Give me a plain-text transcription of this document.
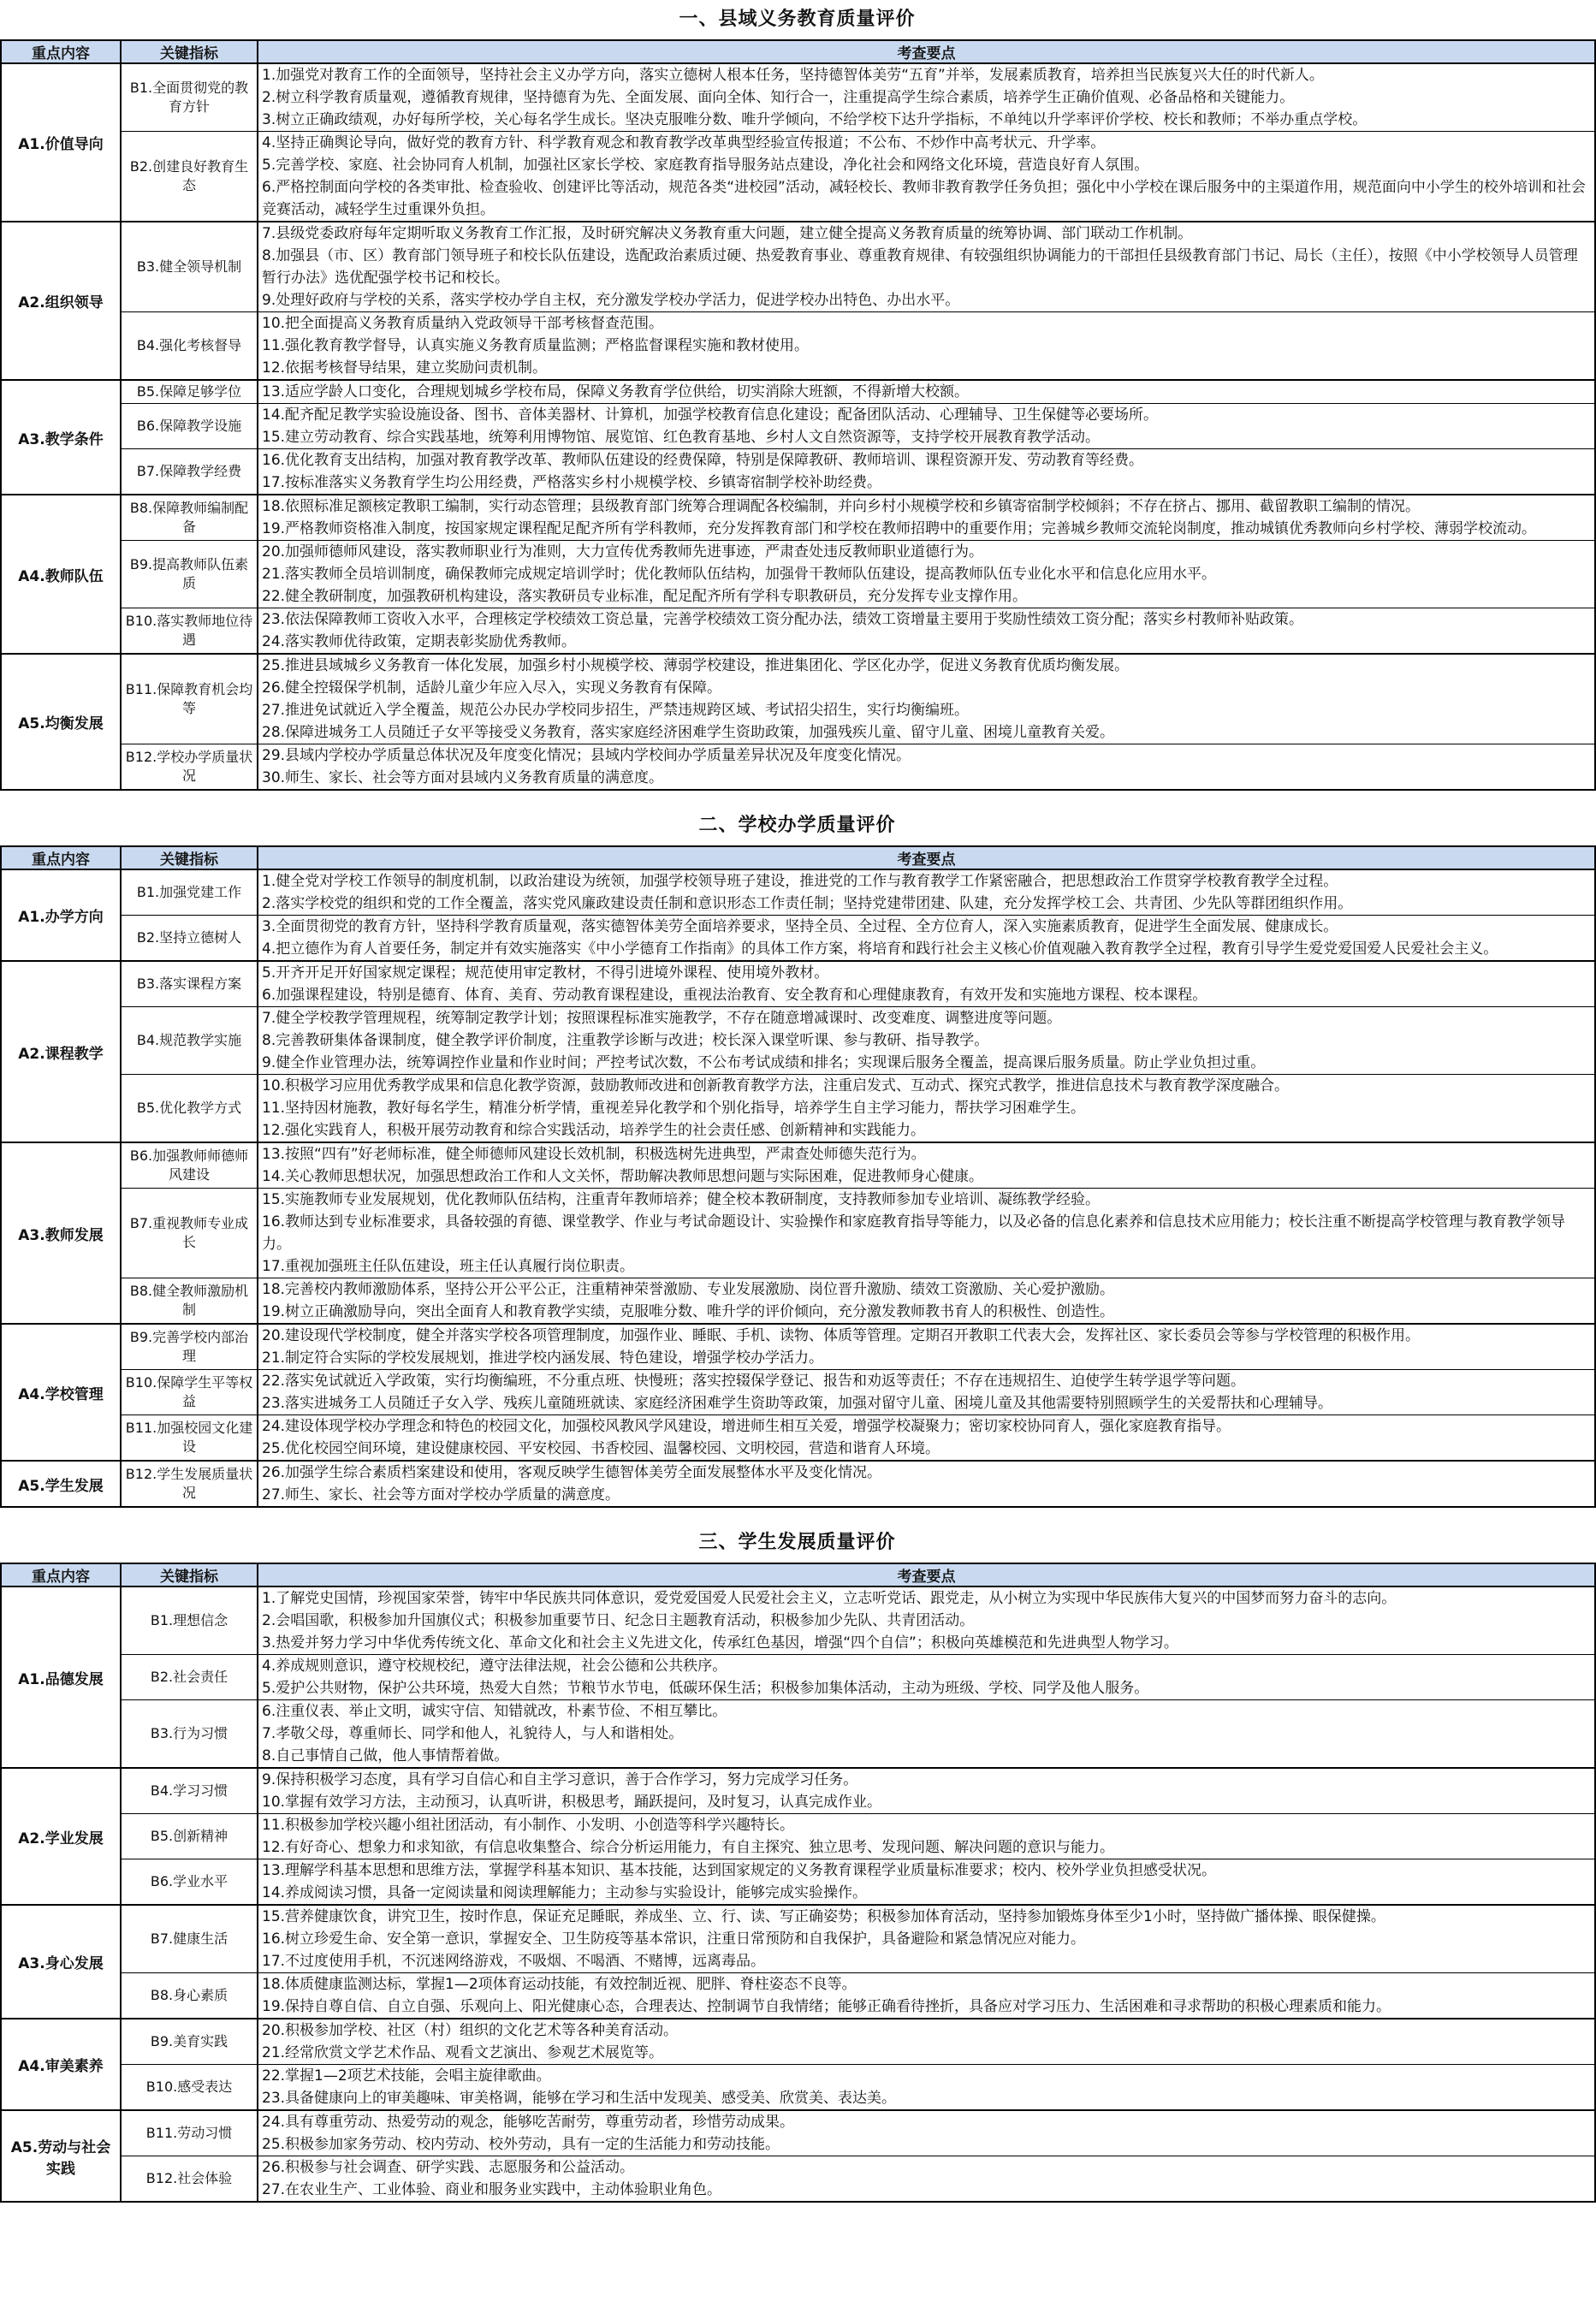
一、县域义务教育质量评价
重点内容	关键指标	考查要点
A1.价值导向	B1.全面贯彻党的教育方针	1.加强党对教育工作的全面领导，坚持社会主义办学方向，落实立德树人根本任务，坚持德智体美劳“五育”并举，发展素质教育，培养担当民族复兴大任的时代新人。
2.树立科学教育质量观，遵循教育规律，坚持德育为先、全面发展、面向全体、知行合一，注重提高学生综合素质，培养学生正确价值观、必备品格和关键能力。
3.树立正确政绩观，办好每所学校，关心每名学生成长。坚决克服唯分数、唯升学倾向，不给学校下达升学指标，不单纯以升学率评价学校、校长和教师；不举办重点学校。

	B2.创建良好教育生态	4.坚持正确舆论导向，做好党的教育方针、科学教育观念和教育教学改革典型经验宣传报道；不公布、不炒作中高考状元、升学率。
5.完善学校、家庭、社会协同育人机制，加强社区家长学校、家庭教育指导服务站点建设，净化社会和网络文化环境，营造良好育人氛围。
6.严格控制面向学校的各类审批、检查验收、创建评比等活动，规范各类“进校园”活动，减轻校长、教师非教育教学任务负担；强化中小学校在课后服务中的主渠道作用，规范面向中小学生的校外培训和社会竞赛活动，减轻学生过重课外负担。

A2.组织领导	B3.健全领导机制	7.县级党委政府每年定期听取义务教育工作汇报，及时研究解决义务教育重大问题，建立健全提高义务教育质量的统筹协调、部门联动工作机制。
8.加强县（市、区）教育部门领导班子和校长队伍建设，选配政治素质过硬、热爱教育事业、尊重教育规律、有较强组织协调能力的干部担任县级教育部门书记、局长（主任），按照《中小学校领导人员管理暂行办法》选优配强学校书记和校长。
9.处理好政府与学校的关系，落实学校办学自主权，充分激发学校办学活力，促进学校办出特色、办出水平。

	B4.强化考核督导	10.把全面提高义务教育质量纳入党政领导干部考核督查范围。
11.强化教育教学督导，认真实施义务教育质量监测；严格监督课程实施和教材使用。
12.依据考核督导结果，建立奖励问责机制。

A3.教学条件	B5.保障足够学位	13.适应学龄人口变化，合理规划城乡学校布局，保障义务教育学位供给，切实消除大班额，不得新增大校额。

	B6.保障教学设施	14.配齐配足教学实验设施设备、图书、音体美器材、计算机，加强学校教育信息化建设；配备团队活动、心理辅导、卫生保健等必要场所。
15.建立劳动教育、综合实践基地，统筹利用博物馆、展览馆、红色教育基地、乡村人文自然资源等，支持学校开展教育教学活动。

	B7.保障教学经费	16.优化教育支出结构，加强对教育教学改革、教师队伍建设的经费保障，特别是保障教研、教师培训、课程资源开发、劳动教育等经费。
17.按标准落实义务教育学生均公用经费，严格落实乡村小规模学校、乡镇寄宿制学校补助经费。

A4.教师队伍	B8.保障教师编制配备	18.依照标准足额核定教职工编制，实行动态管理；县级教育部门统筹合理调配各校编制，并向乡村小规模学校和乡镇寄宿制学校倾斜；不存在挤占、挪用、截留教职工编制的情况。
19.严格教师资格准入制度，按国家规定课程配足配齐所有学科教师，充分发挥教育部门和学校在教师招聘中的重要作用；完善城乡教师交流轮岗制度，推动城镇优秀教师向乡村学校、薄弱学校流动。

	B9.提高教师队伍素质	20.加强师德师风建设，落实教师职业行为准则，大力宣传优秀教师先进事迹，严肃查处违反教师职业道德行为。
21.落实教师全员培训制度，确保教师完成规定培训学时；优化教师队伍结构，加强骨干教师队伍建设，提高教师队伍专业化水平和信息化应用水平。
22.健全教研制度，加强教研机构建设，落实教研员专业标准，配足配齐所有学科专职教研员，充分发挥专业支撑作用。

	B10.落实教师地位待遇	23.依法保障教师工资收入水平，合理核定学校绩效工资总量，完善学校绩效工资分配办法，绩效工资增量主要用于奖励性绩效工资分配；落实乡村教师补贴政策。
24.落实教师优待政策，定期表彰奖励优秀教师。

A5.均衡发展	B11.保障教育机会均等	25.推进县域城乡义务教育一体化发展，加强乡村小规模学校、薄弱学校建设，推进集团化、学区化办学，促进义务教育优质均衡发展。
26.健全控辍保学机制，适龄儿童少年应入尽入，实现义务教育有保障。
27.推进免试就近入学全覆盖，规范公办民办学校同步招生，严禁违规跨区域、考试招尖招生，实行均衡编班。
28.保障进城务工人员随迁子女平等接受义务教育，落实家庭经济困难学生资助政策，加强残疾儿童、留守儿童、困境儿童教育关爱。

	B12.学校办学质量状况	29.县域内学校办学质量总体状况及年度变化情况；县域内学校间办学质量差异状况及年度变化情况。
30.师生、家长、社会等方面对县域内义务教育质量的满意度。
二、学校办学质量评价
重点内容	关键指标	考查要点
A1.办学方向	B1.加强党建工作	1.健全党对学校工作领导的制度机制，以政治建设为统领，加强学校领导班子建设，推进党的工作与教育教学工作紧密融合，把思想政治工作贯穿学校教育教学全过程。
2.落实学校党的组织和党的工作全覆盖，落实党风廉政建设责任制和意识形态工作责任制；坚持党建带团建、队建，充分发挥学校工会、共青团、少先队等群团组织作用。

	B2.坚持立德树人	3.全面贯彻党的教育方针，坚持科学教育质量观，落实德智体美劳全面培养要求，坚持全员、全过程、全方位育人，深入实施素质教育，促进学生全面发展、健康成长。
4.把立德作为育人首要任务，制定并有效实施落实《中小学德育工作指南》的具体工作方案，将培育和践行社会主义核心价值观融入教育教学全过程，教育引导学生爱党爱国爱人民爱社会主义。

A2.课程教学	B3.落实课程方案	5.开齐开足开好国家规定课程；规范使用审定教材，不得引进境外课程、使用境外教材。
6.加强课程建设，特别是德育、体育、美育、劳动教育课程建设，重视法治教育、安全教育和心理健康教育，有效开发和实施地方课程、校本课程。

	B4.规范教学实施	7.健全学校教学管理规程，统筹制定教学计划；按照课程标准实施教学，不存在随意增减课时、改变难度、调整进度等问题。
8.完善教研集体备课制度，健全教学评价制度，注重教学诊断与改进；校长深入课堂听课、参与教研、指导教学。
9.健全作业管理办法，统筹调控作业量和作业时间；严控考试次数，不公布考试成绩和排名；实现课后服务全覆盖，提高课后服务质量。防止学业负担过重。

	B5.优化教学方式	10.积极学习应用优秀教学成果和信息化教学资源，鼓励教师改进和创新教育教学方法，注重启发式、互动式、探究式教学，推进信息技术与教育教学深度融合。
11.坚持因材施教，教好每名学生，精准分析学情，重视差异化教学和个别化指导，培养学生自主学习能力，帮扶学习困难学生。
12.强化实践育人，积极开展劳动教育和综合实践活动，培养学生的社会责任感、创新精神和实践能力。

A3.教师发展	B6.加强教师师德师风建设	13.按照“四有”好老师标准，健全师德师风建设长效机制，积极选树先进典型，严肃查处师德失范行为。
14.关心教师思想状况，加强思想政治工作和人文关怀，帮助解决教师思想问题与实际困难，促进教师身心健康。

	B7.重视教师专业成长	15.实施教师专业发展规划，优化教师队伍结构，注重青年教师培养；健全校本教研制度，支持教师参加专业培训、凝练教学经验。
16.教师达到专业标准要求，具备较强的育德、课堂教学、作业与考试命题设计、实验操作和家庭教育指导等能力，以及必备的信息化素养和信息技术应用能力；校长注重不断提高学校管理与教育教学领导力。
17.重视加强班主任队伍建设，班主任认真履行岗位职责。

	B8.健全教师激励机制	18.完善校内教师激励体系，坚持公开公平公正，注重精神荣誉激励、专业发展激励、岗位晋升激励、绩效工资激励、关心爱护激励。
19.树立正确激励导向，突出全面育人和教育教学实绩，克服唯分数、唯升学的评价倾向，充分激发教师教书育人的积极性、创造性。

A4.学校管理	B9.完善学校内部治理	20.建设现代学校制度，健全并落实学校各项管理制度，加强作业、睡眠、手机、读物、体质等管理。定期召开教职工代表大会，发挥社区、家长委员会等参与学校管理的积极作用。
21.制定符合实际的学校发展规划，推进学校内涵发展、特色建设，增强学校办学活力。

	B10.保障学生平等权益	22.落实免试就近入学政策，实行均衡编班，不分重点班、快慢班；落实控辍保学登记、报告和劝返等责任；不存在违规招生、迫使学生转学退学等问题。
23.落实进城务工人员随迁子女入学、残疾儿童随班就读、家庭经济困难学生资助等政策，加强对留守儿童、困境儿童及其他需要特别照顾学生的关爱帮扶和心理辅导。

	B11.加强校园文化建设	24.建设体现学校办学理念和特色的校园文化，加强校风教风学风建设，增进师生相互关爱，增强学校凝聚力；密切家校协同育人，强化家庭教育指导。
25.优化校园空间环境，建设健康校园、平安校园、书香校园、温馨校园、文明校园，营造和谐育人环境。

A5.学生发展	B12.学生发展质量状况	26.加强学生综合素质档案建设和使用，客观反映学生德智体美劳全面发展整体水平及变化情况。
27.师生、家长、社会等方面对学校办学质量的满意度。
三、学生发展质量评价
重点内容	关键指标	考查要点
A1.品德发展	B1.理想信念	1.了解党史国情，珍视国家荣誉，铸牢中华民族共同体意识，爱党爱国爱人民爱社会主义，立志听党话、跟党走，从小树立为实现中华民族伟大复兴的中国梦而努力奋斗的志向。
2.会唱国歌，积极参加升国旗仪式；积极参加重要节日、纪念日主题教育活动，积极参加少先队、共青团活动。
3.热爱并努力学习中华优秀传统文化、革命文化和社会主义先进文化，传承红色基因，增强“四个自信”；积极向英雄模范和先进典型人物学习。

	B2.社会责任	4.养成规则意识，遵守校规校纪，遵守法律法规，社会公德和公共秩序。
5.爱护公共财物，保护公共环境，热爱大自然；节粮节水节电，低碳环保生活；积极参加集体活动，主动为班级、学校、同学及他人服务。

	B3.行为习惯	6.注重仪表、举止文明，诚实守信、知错就改，朴素节俭、不相互攀比。
7.孝敬父母，尊重师长、同学和他人，礼貌待人，与人和谐相处。
8.自己事情自己做，他人事情帮着做。

A2.学业发展	B4.学习习惯	9.保持积极学习态度，具有学习自信心和自主学习意识，善于合作学习，努力完成学习任务。
10.掌握有效学习方法，主动预习，认真听讲，积极思考，踊跃提问，及时复习，认真完成作业。

	B5.创新精神	11.积极参加学校兴趣小组社团活动，有小制作、小发明、小创造等科学兴趣特长。
12.有好奇心、想象力和求知欲，有信息收集整合、综合分析运用能力，有自主探究、独立思考、发现问题、解决问题的意识与能力。

	B6.学业水平	13.理解学科基本思想和思维方法，掌握学科基本知识、基本技能，达到国家规定的义务教育课程学业质量标准要求；校内、校外学业负担感受状况。
14.养成阅读习惯，具备一定阅读量和阅读理解能力；主动参与实验设计，能够完成实验操作。

A3.身心发展	B7.健康生活	15.营养健康饮食，讲究卫生，按时作息，保证充足睡眠，养成坐、立、行、读、写正确姿势；积极参加体育活动，坚持参加锻炼身体至少1小时，坚持做广播体操、眼保健操。
16.树立珍爱生命、安全第一意识，掌握安全、卫生防疫等基本常识，注重日常预防和自我保护，具备避险和紧急情况应对能力。
17.不过度使用手机，不沉迷网络游戏，不吸烟、不喝酒、不赌博，远离毒品。

	B8.身心素质	18.体质健康监测达标，掌握1—2项体育运动技能，有效控制近视、肥胖、脊柱姿态不良等。
19.保持自尊自信、自立自强、乐观向上、阳光健康心态，合理表达、控制调节自我情绪；能够正确看待挫折，具备应对学习压力、生活困难和寻求帮助的积极心理素质和能力。

A4.审美素养	B9.美育实践	20.积极参加学校、社区（村）组织的文化艺术等各种美育活动。
21.经常欣赏文学艺术作品、观看文艺演出、参观艺术展览等。

	B10.感受表达	22.掌握1—2项艺术技能，会唱主旋律歌曲。
23.具备健康向上的审美趣味、审美格调，能够在学习和生活中发现美、感受美、欣赏美、表达美。

A5.劳动与社会实践	B11.劳动习惯	24.具有尊重劳动、热爱劳动的观念，能够吃苦耐劳，尊重劳动者，珍惜劳动成果。
25.积极参加家务劳动、校内劳动、校外劳动，具有一定的生活能力和劳动技能。

	B12.社会体验	26.积极参与社会调查、研学实践、志愿服务和公益活动。
27.在农业生产、工业体验、商业和服务业实践中，主动体验职业角色。
